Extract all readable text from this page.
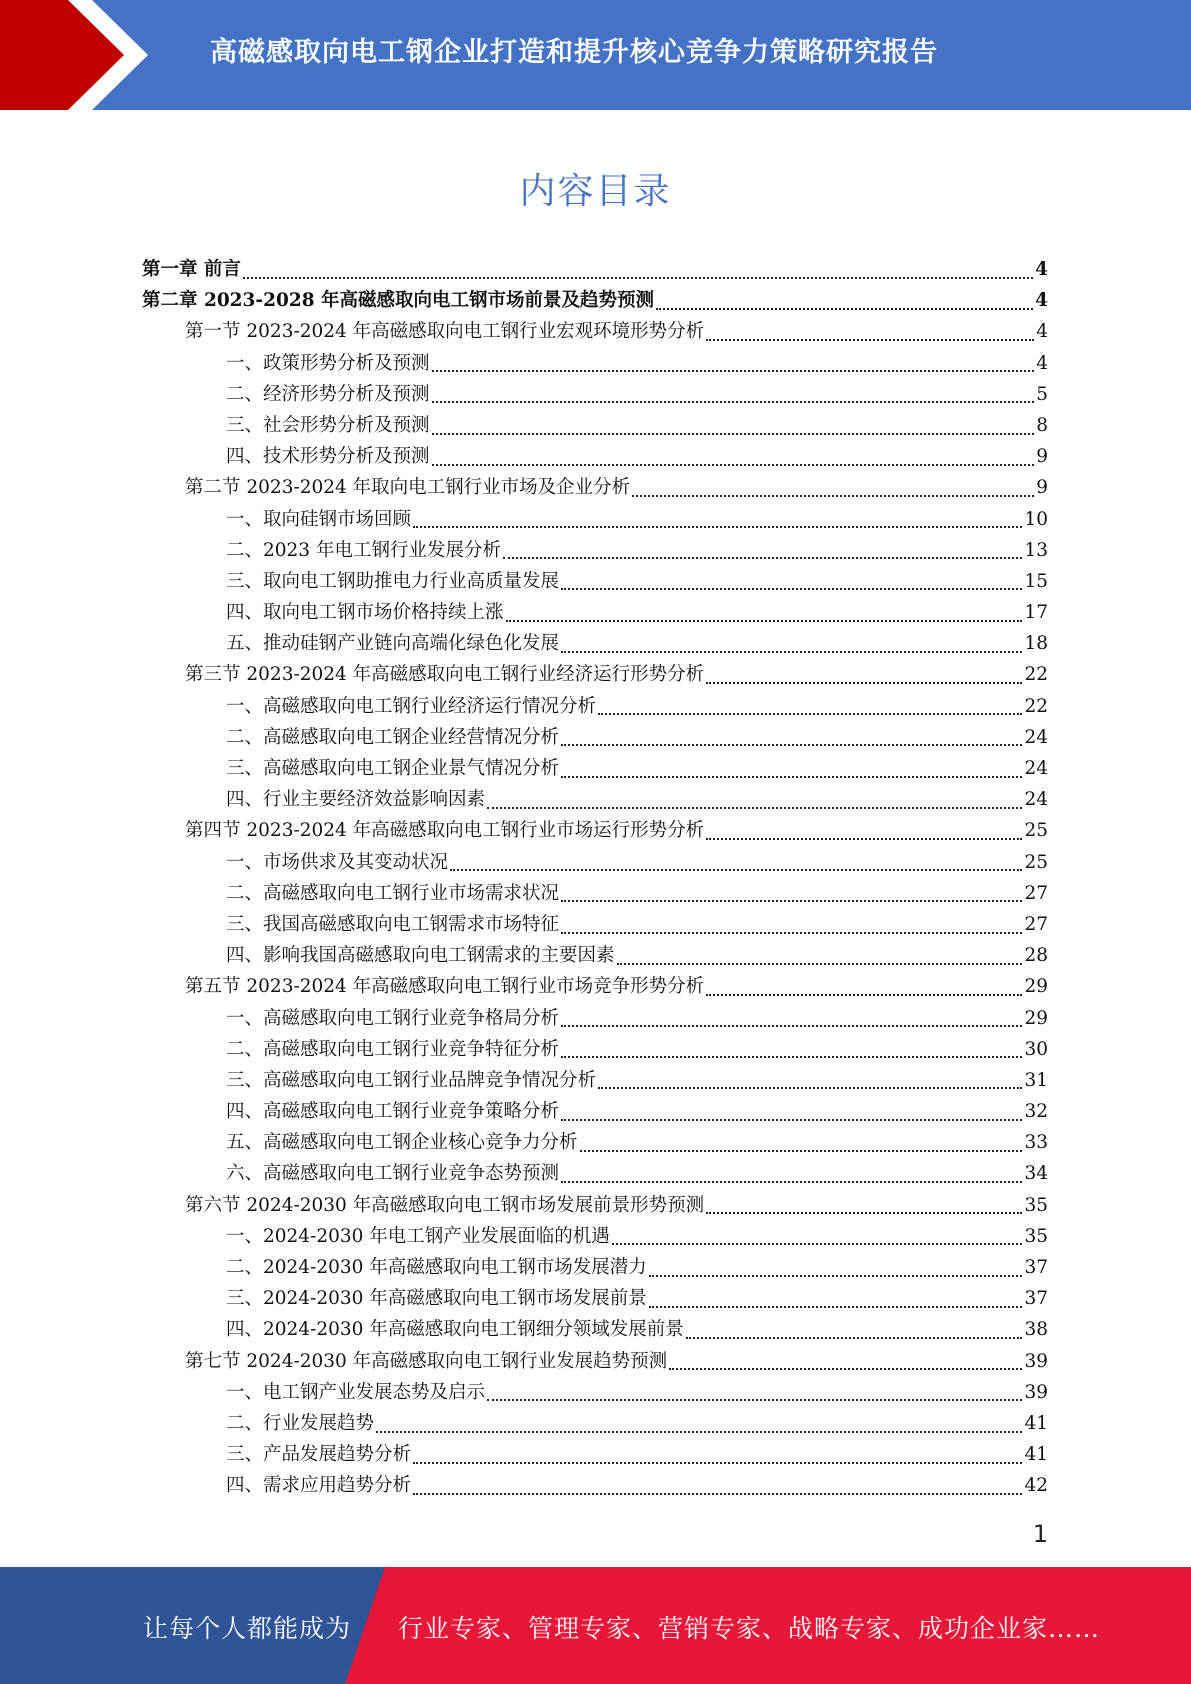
高磁感取向电工钢企业打造和提升核心竞争力策略研究报告
内容目录
第一章 前言	4
第二章 2023-2028 年高磁感取向电工钢市场前景及趋势预测	4
第一节 2023-2024 年高磁感取向电工钢行业宏观环境形势分析	4
一、政策形势分析及预测	4
二、经济形势分析及预测	5
三、社会形势分析及预测	8
四、技术形势分析及预测	9
第二节 2023-2024 年取向电工钢行业市场及企业分析	9
一、取向硅钢市场回顾	10
二、2023 年电工钢行业发展分析	13
三、取向电工钢助推电力行业高质量发展	15
四、取向电工钢市场价格持续上涨	17
五、推动硅钢产业链向高端化绿色化发展	18
第三节 2023-2024 年高磁感取向电工钢行业经济运行形势分析	22
一、高磁感取向电工钢行业经济运行情况分析	22
二、高磁感取向电工钢企业经营情况分析	24
三、高磁感取向电工钢企业景气情况分析	24
四、行业主要经济效益影响因素	24
第四节 2023-2024 年高磁感取向电工钢行业市场运行形势分析	25
一、市场供求及其变动状况	25
二、高磁感取向电工钢行业市场需求状况	27
三、我国高磁感取向电工钢需求市场特征	27
四、影响我国高磁感取向电工钢需求的主要因素	28
第五节 2023-2024 年高磁感取向电工钢行业市场竞争形势分析	29
一、高磁感取向电工钢行业竞争格局分析	29
二、高磁感取向电工钢行业竞争特征分析	30
三、高磁感取向电工钢行业品牌竞争情况分析	31
四、高磁感取向电工钢行业竞争策略分析	32
五、高磁感取向电工钢企业核心竞争力分析	33
六、高磁感取向电工钢行业竞争态势预测	34
第六节 2024-2030 年高磁感取向电工钢市场发展前景形势预测	35
一、2024-2030 年电工钢产业发展面临的机遇	35
二、2024-2030 年高磁感取向电工钢市场发展潜力	37
三、2024-2030 年高磁感取向电工钢市场发展前景	37
四、2024-2030 年高磁感取向电工钢细分领域发展前景	38
第七节 2024-2030 年高磁感取向电工钢行业发展趋势预测	39
一、电工钢产业发展态势及启示	39
二、行业发展趋势	41
三、产品发展趋势分析	41
四、需求应用趋势分析	42
1
让每个人都能成为 行业专家、管理专家、营销专家、战略专家、成功企业家……
